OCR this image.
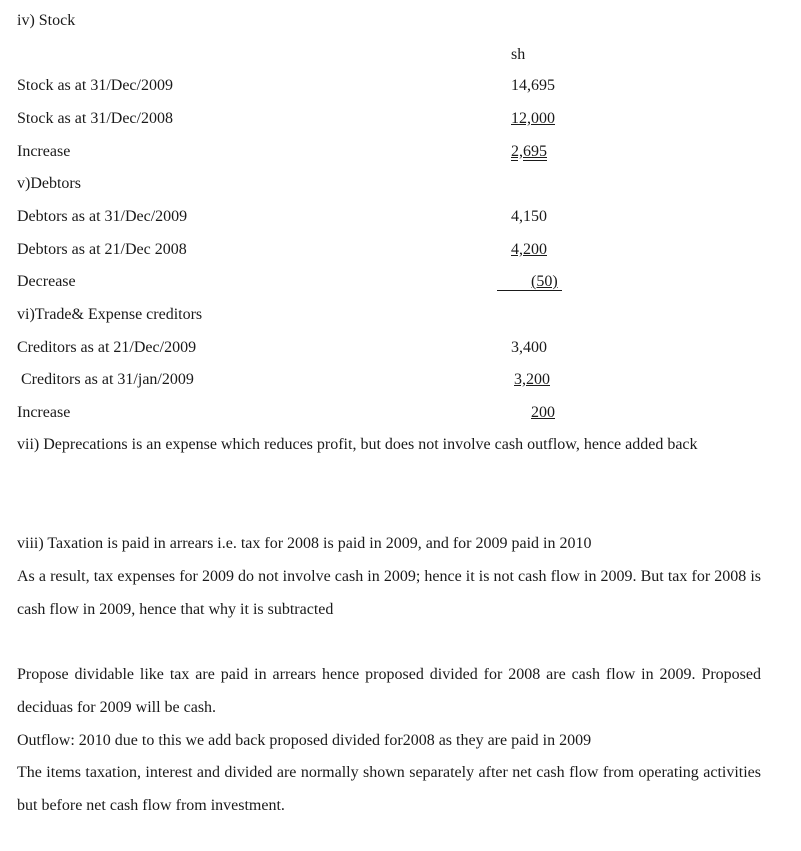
iv) Stock
sh
Stock as at 31/Dec/2009	14,695
Stock as at 31/Dec/2008	12,000
Increase	2,695
v)Debtors
Debtors as at 31/Dec/2009	4,150
Debtors as at 21/Dec 2008	4,200
Decrease	(50)
vi)Trade& Expense creditors
Creditors as at 21/Dec/2009	3,400
Creditors as at 31/jan/2009	3,200
Increase	200
vii) Deprecations is an expense which reduces profit, but does not involve cash outflow, hence added back
viii) Taxation is paid in arrears i.e. tax for 2008 is paid in 2009, and for 2009 paid in 2010
As a result, tax expenses for 2009 do not involve cash in 2009; hence it is not cash flow in 2009. But tax for 2008 is cash flow in 2009, hence that why it is subtracted
Propose dividable like tax are paid in arrears hence proposed divided for 2008 are cash flow in 2009. Proposed deciduas for 2009 will be cash.
Outflow: 2010 due to this we add back proposed divided for2008 as they are paid in 2009
The items taxation, interest and divided are normally shown separately after net cash flow from operating activities but before net cash flow from investment.
